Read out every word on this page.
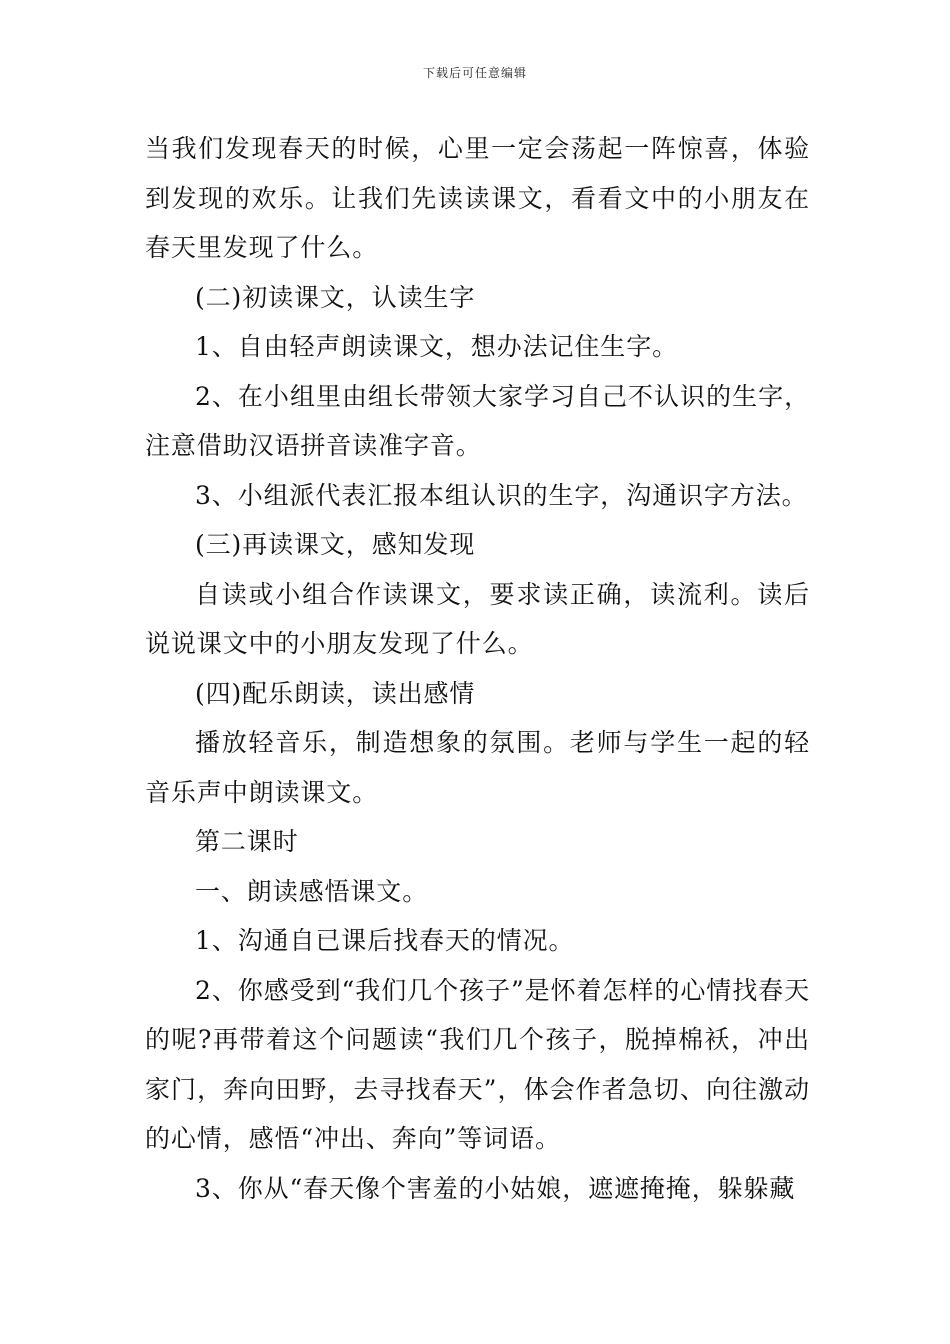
下载后可任意编辑

当我们发现春天的时候，心里一定会荡起一阵惊喜，体验到发现的欢乐。让我们先读读课文，看看文中的小朋友在春天里发现了什么。

(二)初读课文，认读生字

1、自由轻声朗读课文，想办法记住生字。

2、在小组里由组长带领大家学习自己不认识的生字，注意借助汉语拼音读准字音。

3、小组派代表汇报本组认识的生字，沟通识字方法。

(三)再读课文，感知发现

自读或小组合作读课文，要求读正确，读流利。读后说说课文中的小朋友发现了什么。

(四)配乐朗读，读出感情

播放轻音乐，制造想象的氛围。老师与学生一起的轻音乐声中朗读课文。

第二课时

一、朗读感悟课文。

1、沟通自已课后找春天的情况。

2、你感受到“我们几个孩子”是怀着怎样的心情找春天的呢?再带着这个问题读“我们几个孩子，脱掉棉袄，冲出家门，奔向田野，去寻找春天”，体会作者急切、向往激动的心情，感悟“冲出、奔向”等词语。

3、你从“春天像个害羞的小姑娘，遮遮掩掩，躲躲藏
